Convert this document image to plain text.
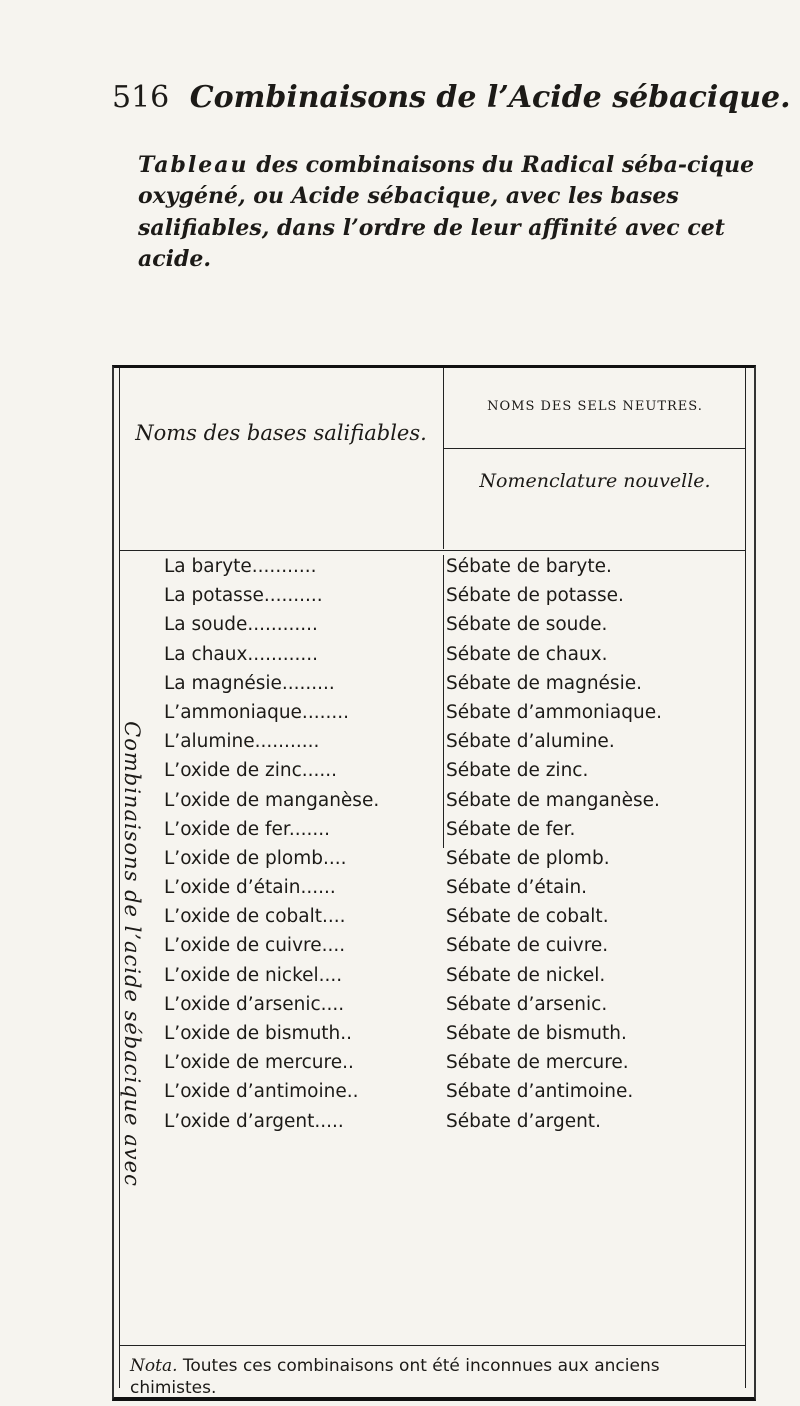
516 Combinaisons de l’Acide sébacique.
Tableau des combinaisons du Radical séba-cique oxygéné, ou Acide sébacique, avec les bases salifiables, dans l’ordre de leur affinité avec cet acide.
Noms des bases salifiables.
NOMS DES SELS NEUTRES.
Nomenclature nouvelle.
Combinaisons de l’acide sébacique avec
La baryte...........	Sébate de baryte.
La potasse..........	Sébate de potasse.
La soude............	Sébate de soude.
La chaux............	Sébate de chaux.
La magnésie.........	Sébate de magnésie.
L’ammoniaque........	Sébate d’ammoniaque.
L’alumine...........	Sébate d’alumine.
L’oxide de zinc......	Sébate de zinc.
L’oxide de manganèse.	Sébate de manganèse.
L’oxide de fer.......	Sébate de fer.
L’oxide de plomb....	Sébate de plomb.
L’oxide d’étain......	Sébate d’étain.
L’oxide de cobalt....	Sébate de cobalt.
L’oxide de cuivre....	Sébate de cuivre.
L’oxide de nickel....	Sébate de nickel.
L’oxide d’arsenic....	Sébate d’arsenic.
L’oxide de bismuth..	Sébate de bismuth.
L’oxide de mercure..	Sébate de mercure.
L’oxide d’antimoine..	Sébate d’antimoine.
L’oxide d’argent.....	Sébate d’argent.
Nota. Toutes ces combinaisons ont été inconnues aux anciens chimistes.
